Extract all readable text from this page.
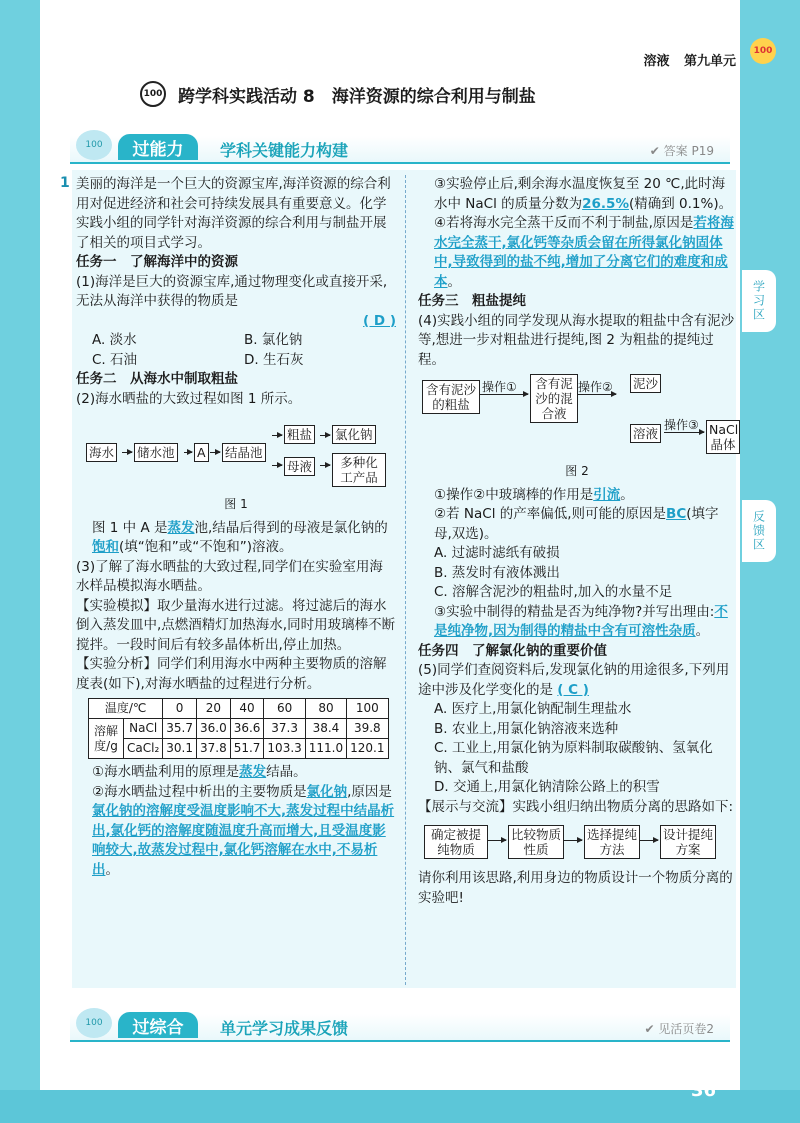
学习区
反馈区
100
溶液 第九单元
100 跨学科实践活动 8　海洋资源的综合利用与制盐
100	过能力	学科关键能力构建	✔ 答案 P19
1 美丽的海洋是一个巨大的资源宝库,海洋资源的综合利用对促进经济和社会可持续发展具有重要意义。化学实践小组的同学针对海洋资源的综合利用与制盐开展了相关的项目式学习。

任务一　了解海洋中的资源

(1)海洋是巨大的资源宝库,通过物理变化或直接开采,无法从海洋中获得的物质是

( D )

A. 淡水	B. 氯化钠
C. 石油	D. 生石灰

任务二　从海水中制取粗盐

(2)海水晒盐的大致过程如图 1 所示。

海水 储水池 A 结晶池
粗盐 氯化钠
母液	多种化工产品

图 1

图 1 中 A 是蒸发池,结晶后得到的母液是氯化钠的饱和(填“饱和”或“不饱和”)溶液。

(3)了解了海水晒盐的大致过程,同学们在实验室用海水样品模拟海水晒盐。

【实验模拟】取少量海水进行过滤。将过滤后的海水倒入蒸发皿中,点燃酒精灯加热海水,同时用玻璃棒不断搅拌。一段时间后有较多晶体析出,停止加热。

【实验分析】同学们利用海水中两种主要物质的溶解度表(如下),对海水晒盐的过程进行分析。

温度/℃		0	20	40	60	80	100
溶解度/g	NaCl	35.7	36.0	36.6	37.3	38.4	39.8
	CaCl₂	30.1	37.8	51.7	103.3	111.0	120.1

①海水晒盐利用的原理是蒸发结晶。

②海水晒盐过程中析出的主要物质是氯化钠,原因是氯化钠的溶解度受温度影响不大,蒸发过程中结晶析出,氯化钙的溶解度随温度升高而增大,且受温度影响较大,故蒸发过程中,氯化钙溶解在水中,不易析出。

③实验停止后,剩余海水温度恢复至 20 ℃,此时海水中 NaCl 的质量分数为26.5%(精确到 0.1%)。

④若将海水完全蒸干反而不利于制盐,原因是若将海水完全蒸干,氯化钙等杂质会留在所得氯化钠固体中,导致得到的盐不纯,增加了分离它们的难度和成本。

任务三　粗盐提纯

(4)实践小组的同学发现从海水提取的粗盐中含有泥沙等,想进一步对粗盐进行提纯,图 2 为粗盐的提纯过程。

含有泥沙的粗盐
操作①	含有泥沙的混合液
操作② 泥沙
溶液
操作③ NaCl晶体

图 2

①操作②中玻璃棒的作用是引流。

②若 NaCl 的产率偏低,则可能的原因是BC(填字母,双选)。

A. 过滤时滤纸有破损

B. 蒸发时有液体溅出

C. 溶解含泥沙的粗盐时,加入的水量不足

③实验中制得的精盐是否为纯净物?并写出理由:不是纯净物,因为制得的精盐中含有可溶性杂质。

任务四　了解氯化钠的重要价值

(5)同学们查阅资料后,发现氯化钠的用途很多,下列用途中涉及化学变化的是 ( C )

A. 医疗上,用氯化钠配制生理盐水

B. 农业上,用氯化钠溶液来选种

C. 工业上,用氯化钠为原料制取碳酸钠、氢氧化钠、氯气和盐酸

D. 交通上,用氯化钠清除公路上的积雪

【展示与交流】实践小组归纳出物质分离的思路如下:

确定被提纯物质
比较物质性质
选择提纯方法
设计提纯方案

请你利用该思路,利用身边的物质设计一个物质分离的实验吧!

100	过综合	单元学习成果反馈	✔ 见活页卷2
上课认真听 下课多实践 36
